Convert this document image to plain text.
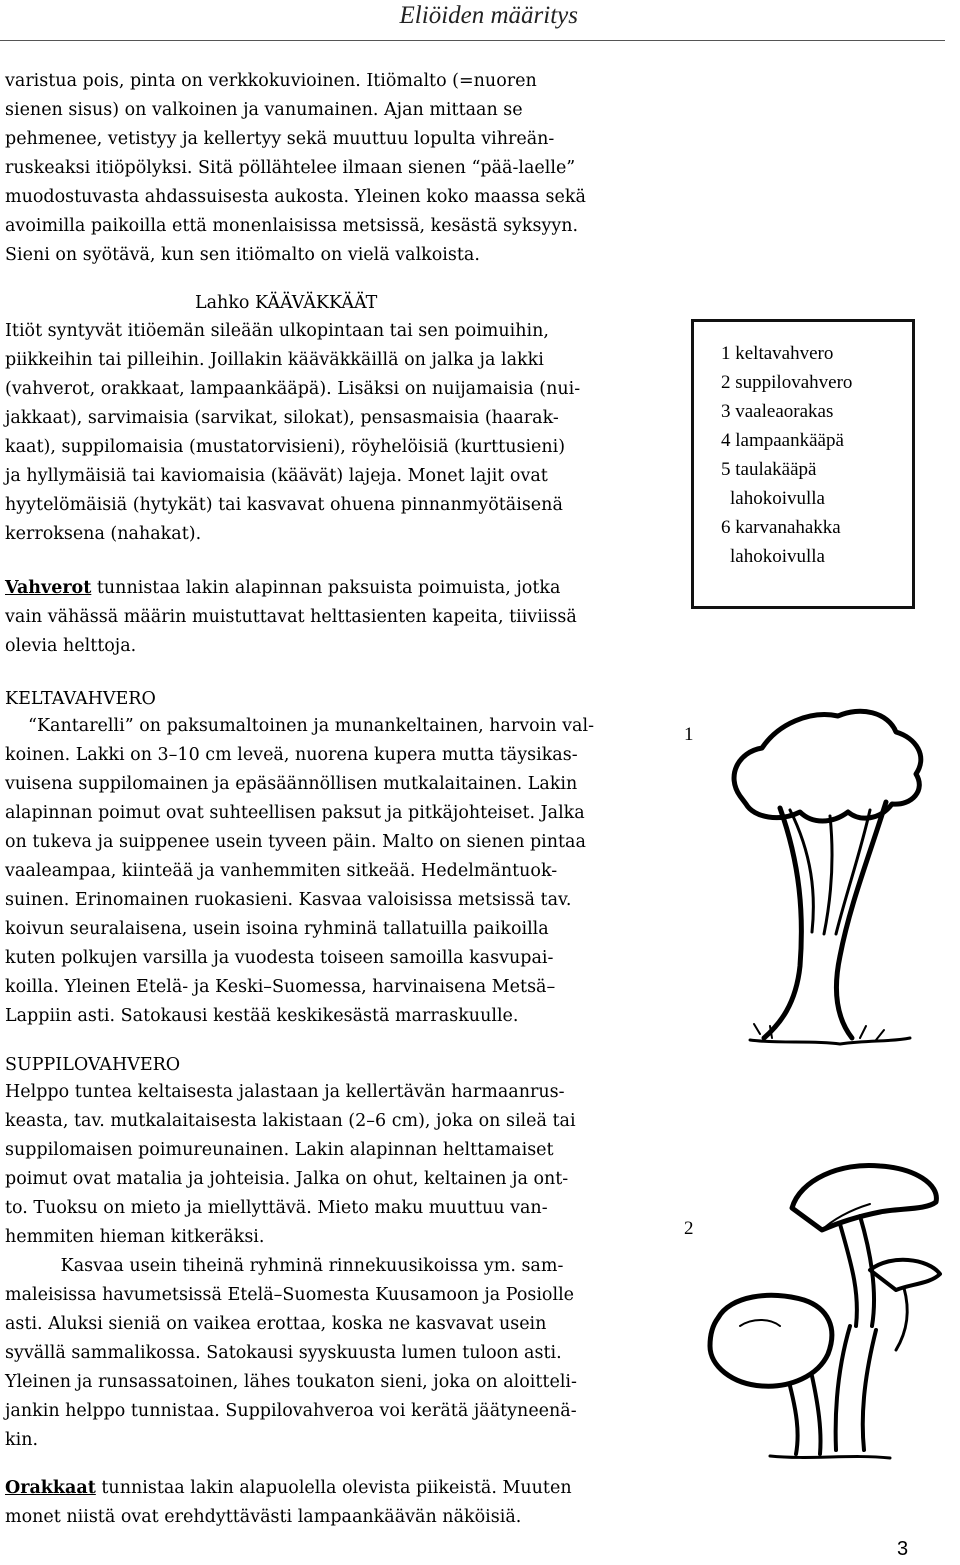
Eliöiden määritys
varistua pois, pinta on verkkokuvioinen. Itiömalto (=nuoren
sienen sisus) on valkoinen ja vanumainen. Ajan mittaan se
pehmenee, vetistyy ja kellertyy sekä muuttuu lopulta vihreän-
ruskeaksi itiöpölyksi. Sitä pöllähtelee ilmaan sienen “pää-laelle”
muodostuvasta ahdassuisesta aukosta. Yleinen koko maassa sekä
avoimilla paikoilla että monenlaisissa metsissä, kesästä syksyyn.
Sieni on syötävä, kun sen itiömalto on vielä valkoista.
Lahko KÄÄVÄKKÄÄT
Itiöt syntyvät itiöemän sileään ulkopintaan tai sen poimuihin,
piikkeihin tai pilleihin. Joillakin kääväkkäillä on jalka ja lakki
(vahverot, orakkaat, lampaankääpä). Lisäksi on nuijamaisia (nui-
jakkaat), sarvimaisia (sarvikat, silokat), pensasmaisia (haarak-
kaat), suppilomaisia (mustatorvisieni), röyhelöisiä (kurttusieni)
ja hyllymäisiä tai kaviomaisia (käävät) lajeja. Monet lajit ovat
hyytelömäisiä (hytykät) tai kasvavat ohuena pinnanmyötäisenä
kerroksena (nahakat).
Vahverot tunnistaa lakin alapinnan paksuista poimuista, jotka
vain vähässä määrin muistuttavat helttasienten kapeita, tiiviissä
olevia helttoja.
1 keltavahvero
2 suppilovahvero
3 vaaleaorakas
4 lampaankääpä
5 taulakääpä
lahokoivulla
6 karvanahakka
lahokoivulla
KELTAVAHVERO
“Kantarelli” on paksumaltoinen ja munankeltainen, harvoin val-
koinen. Lakki on 3–10 cm leveä, nuorena kupera mutta täysikas-
vuisena suppilomainen ja epäsäännöllisen mutkalaitainen. Lakin
alapinnan poimut ovat suhteellisen paksut ja pitkäjohteiset. Jalka
on tukeva ja suippenee usein tyveen päin. Malto on sienen pintaa
vaaleampaa, kiinteää ja vanhemmiten sitkeää. Hedelmäntuok-
suinen. Erinomainen ruokasieni. Kasvaa valoisissa metsissä tav.
koivun seuralaisena, usein isoina ryhminä tallatuilla paikoilla
kuten polkujen varsilla ja vuodesta toiseen samoilla kasvupai-
koilla. Yleinen Etelä- ja Keski–Suomessa, harvinaisena Metsä–
Lappiin asti. Satokausi kestää keskikesästä marraskuulle.
1
SUPPILOVAHVERO
Helppo tuntea keltaisesta jalastaan ja kellertävän harmaanrus-
keasta, tav. mutkalaitaisesta lakistaan (2–6 cm), joka on sileä tai
suppilomaisen poimureunainen. Lakin alapinnan helttamaiset
poimut ovat matalia ja johteisia. Jalka on ohut, keltainen ja ont-
to. Tuoksu on mieto ja miellyttävä. Mieto maku muuttuu van-
hemmiten hieman kitkeräksi.
Kasvaa usein tiheinä ryhminä rinnekuusikoissa ym. sam-
maleisissa havumetsissä Etelä–Suomesta Kuusamoon ja Posiolle
asti. Aluksi sieniä on vaikea erottaa, koska ne kasvavat usein
syvällä sammalikossa. Satokausi syyskuusta lumen tuloon asti.
Yleinen ja runsassatoinen, lähes toukaton sieni, joka on aloitteli-
jankin helppo tunnistaa. Suppilovahveroa voi kerätä jäätyneenä-
kin.
2
Orakkaat tunnistaa lakin alapuolella olevista piikeistä. Muuten
monet niistä ovat erehdyttävästi lampaankäävän näköisiä.
3
